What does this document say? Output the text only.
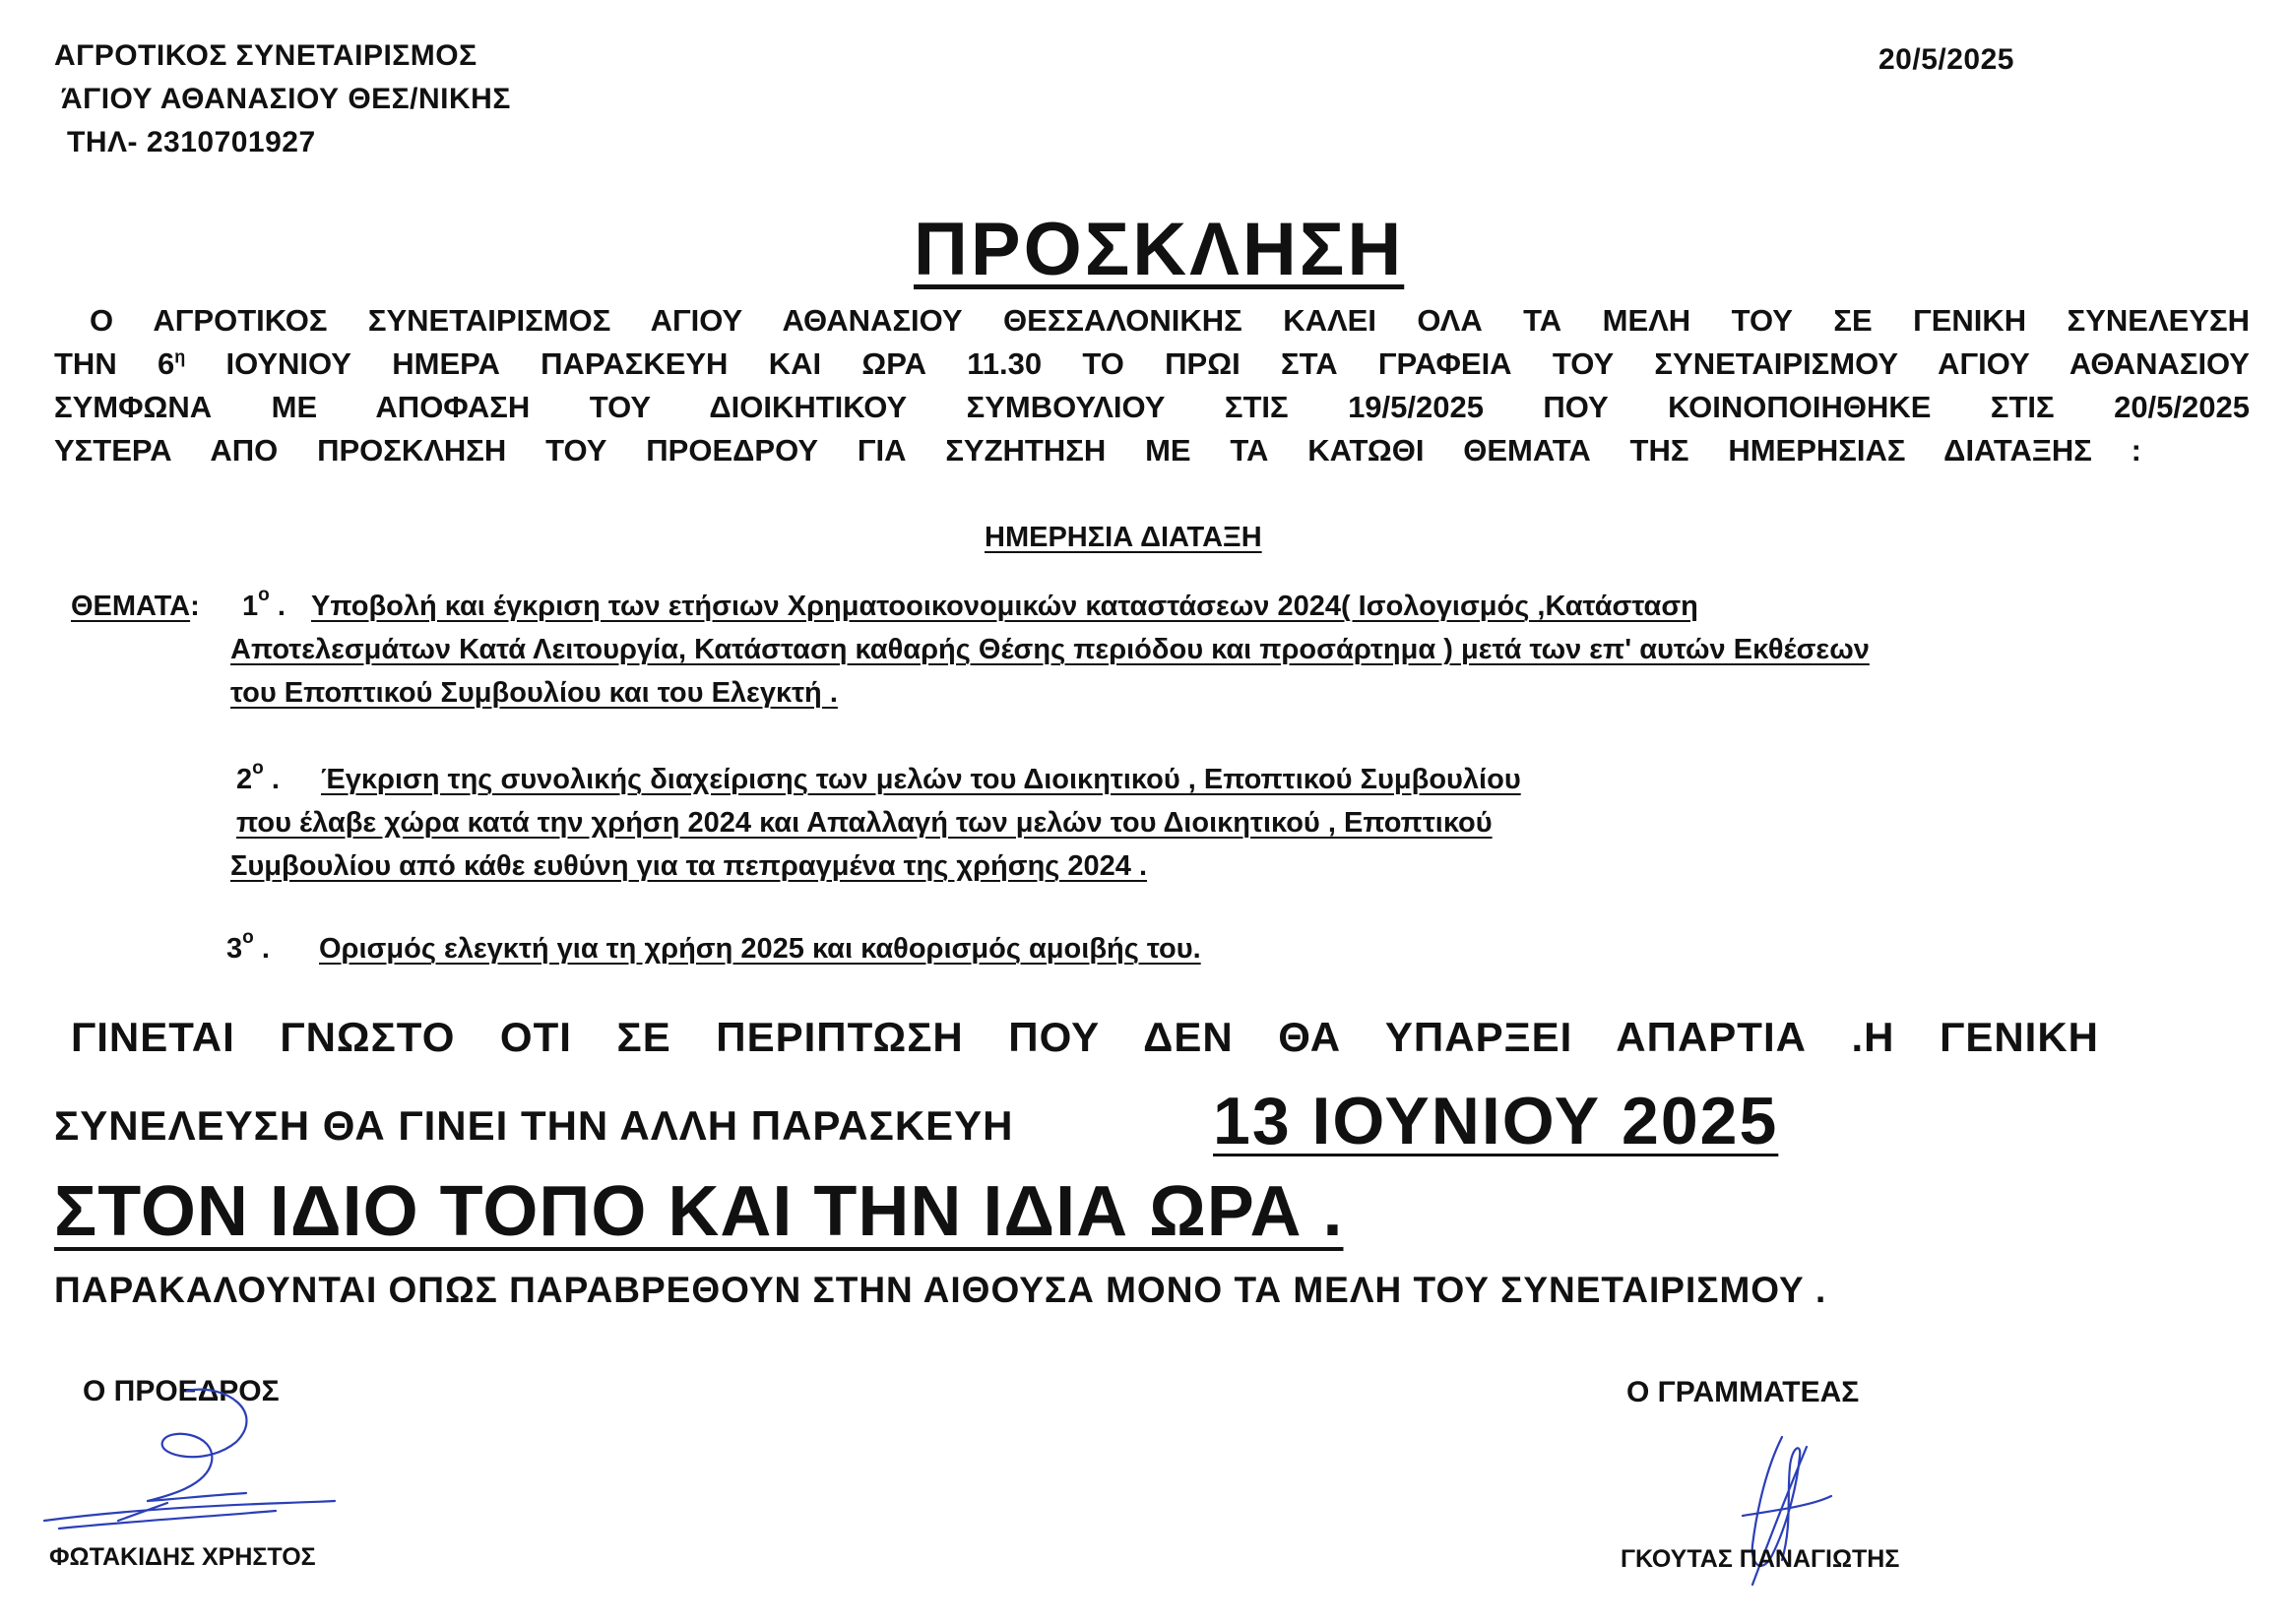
ΑΓΡΟΤΙΚΟΣ ΣΥΝΕΤΑΙΡΙΣΜΟΣ
ΆΓΙΟΥ ΑΘΑΝΑΣΙΟΥ ΘΕΣ/ΝΙΚΗΣ
ΤΗΛ- 2310701927
20/5/2025
ΠΡΟΣΚΛΗΣΗ
Ο ΑΓΡΟΤΙΚΟΣ ΣΥΝΕΤΑΙΡΙΣΜΟΣ ΑΓΙΟΥ ΑΘΑΝΑΣΙΟΥ ΘΕΣΣΑΛΟΝΙΚΗΣ ΚΑΛΕΙ ΟΛΑ ΤΑ ΜΕΛΗ ΤΟΥ ΣΕ ΓΕΝΙΚΗ ΣΥΝΕΛΕΥΣΗ
ΤΗΝ $6^\eta$ ΙΟΥΝΙΟΥ ΗΜΕΡΑ ΠΑΡΑΣΚΕΥΗ ΚΑΙ ΩΡΑ 11.30 ΤΟ ΠΡΩΙ ΣΤΑ ΓΡΑΦΕΙΑ ΤΟΥ ΣΥΝΕΤΑΙΡΙΣΜΟΥ ΑΓΙΟΥ ΑΘΑΝΑΣΙΟΥ
ΣΥΜΦΩΝΑ ΜΕ ΑΠΟΦΑΣΗ ΤΟΥ ΔΙΟΙΚΗΤΙΚΟΥ ΣΥΜΒΟΥΛΙΟΥ ΣΤΙΣ 19/5/2025 ΠΟΥ ΚΟΙΝΟΠΟΙΗΘΗΚΕ ΣΤΙΣ 20/5/2025
ΥΣΤΕΡΑ ΑΠΟ ΠΡΟΣΚΛΗΣΗ ΤΟΥ ΠΡΟΕΔΡΟΥ ΓΙΑ ΣΥΖΗΤΗΣΗ ΜΕ ΤΑ ΚΑΤΩΘΙ ΘΕΜΑΤΑ ΤΗΣ ΗΜΕΡΗΣΙΑΣ ΔΙΑΤΑΞΗΣ :
ΗΜΕΡΗΣΙΑ ΔΙΑΤΑΞΗ
ΘΕΜΑΤΑ: $1^o$ . Υποβολή και έγκριση των ετήσιων Χρηματοοικονομικών καταστάσεων 2024( Ισολογισμός ,Κατάσταση
Αποτελεσμάτων Κατά Λειτουργία, Κατάσταση καθαρής Θέσης περιόδου και προσάρτημα ) μετά των επ' αυτών Εκθέσεων
του Εποπτικού Συμβουλίου και του Ελεγκτή .
$2^o$ . Έγκριση της συνολικής διαχείρισης των μελών του Διοικητικού , Εποπτικού Συμβουλίου
που έλαβε χώρα κατά την χρήση 2024 και Απαλλαγή των μελών του Διοικητικού , Εποπτικού
Συμβουλίου από κάθε ευθύνη για τα πεπραγμένα της χρήσης 2024 .
$3^o$ . Ορισμός ελεγκτή για τη χρήση 2025 και καθορισμός αμοιβής του.
ΓΙΝΕΤΑΙ ΓΝΩΣΤΟ ΟΤΙ ΣΕ ΠΕΡΙΠΤΩΣΗ ΠΟΥ ΔΕΝ ΘΑ ΥΠΑΡΞΕΙ ΑΠΑΡΤΙΑ .Η ΓΕΝΙΚΗ
ΣΥΝΕΛΕΥΣΗ ΘΑ ΓΙΝΕΙ ΤΗΝ ΑΛΛΗ ΠΑΡΑΣΚΕΥΗ	13 ΙΟΥΝΙΟΥ 2025
ΣΤΟΝ ΙΔΙΟ ΤΟΠΟ ΚΑΙ ΤΗΝ ΙΔΙΑ ΩΡΑ .
ΠΑΡΑΚΑΛΟΥΝΤΑΙ ΟΠΩΣ ΠΑΡΑΒΡΕΘΟΥΝ ΣΤΗΝ ΑΙΘΟΥΣΑ ΜΟΝΟ ΤΑ ΜΕΛΗ ΤΟΥ ΣΥΝΕΤΑΙΡΙΣΜΟΥ .
Ο ΠΡΟΕΔΡΟΣ
ΦΩΤΑΚΙΔΗΣ ΧΡΗΣΤΟΣ
Ο ΓΡΑΜΜΑΤΕΑΣ
ΓΚΟΥΤΑΣ ΠΑΝΑΓΙΩΤΗΣ
